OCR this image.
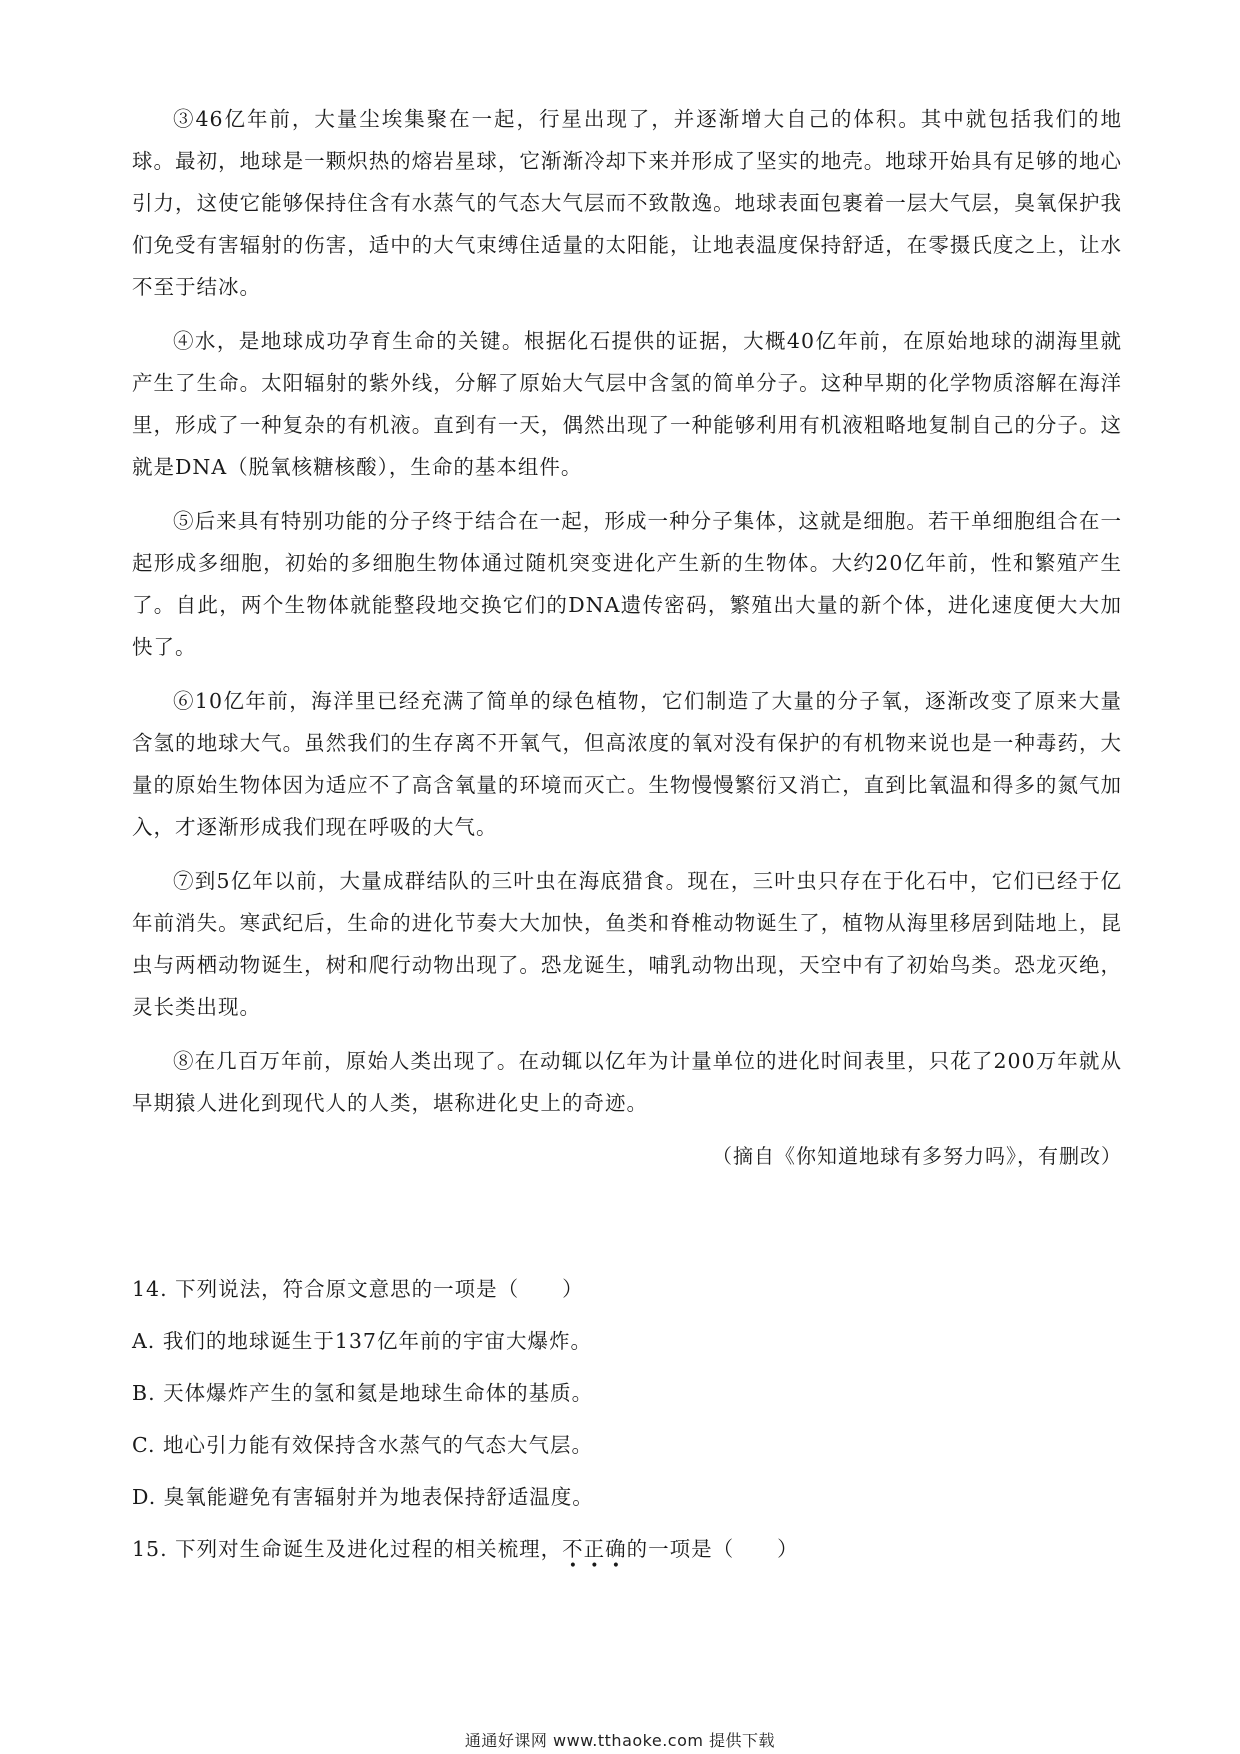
③46亿年前，大量尘埃集聚在一起，行星出现了，并逐渐增大自己的体积。其中就包括我们的地球。最初，地球是一颗炽热的熔岩星球，它渐渐冷却下来并形成了坚实的地壳。地球开始具有足够的地心引力，这使它能够保持住含有水蒸气的气态大气层而不致散逸。地球表面包裹着一层大气层，臭氧保护我们免受有害辐射的伤害，适中的大气束缚住适量的太阳能，让地表温度保持舒适，在零摄氏度之上，让水不至于结冰。

④水，是地球成功孕育生命的关键。根据化石提供的证据，大概40亿年前，在原始地球的湖海里就产生了生命。太阳辐射的紫外线，分解了原始大气层中含氢的简单分子。这种早期的化学物质溶解在海洋里，形成了一种复杂的有机液。直到有一天，偶然出现了一种能够利用有机液粗略地复制自己的分子。这就是DNA（脱氧核糖核酸），生命的基本组件。

⑤后来具有特别功能的分子终于结合在一起，形成一种分子集体，这就是细胞。若干单细胞组合在一起形成多细胞，初始的多细胞生物体通过随机突变进化产生新的生物体。大约20亿年前，性和繁殖产生了。自此，两个生物体就能整段地交换它们的DNA遗传密码，繁殖出大量的新个体，进化速度便大大加快了。

⑥10亿年前，海洋里已经充满了简单的绿色植物，它们制造了大量的分子氧，逐渐改变了原来大量含氢的地球大气。虽然我们的生存离不开氧气，但高浓度的氧对没有保护的有机物来说也是一种毒药，大量的原始生物体因为适应不了高含氧量的环境而灭亡。生物慢慢繁衍又消亡，直到比氧温和得多的氮气加入，才逐渐形成我们现在呼吸的大气。

⑦到5亿年以前，大量成群结队的三叶虫在海底猎食。现在，三叶虫只存在于化石中，它们已经于亿年前消失。寒武纪后，生命的进化节奏大大加快，鱼类和脊椎动物诞生了，植物从海里移居到陆地上，昆虫与两栖动物诞生，树和爬行动物出现了。恐龙诞生，哺乳动物出现，天空中有了初始鸟类。恐龙灭绝，灵长类出现。

⑧在几百万年前，原始人类出现了。在动辄以亿年为计量单位的进化时间表里，只花了200万年就从早期猿人进化到现代人的人类，堪称进化史上的奇迹。

（摘自《你知道地球有多努力吗》，有删改）

14. 下列说法，符合原文意思的一项是（　　）

A. 我们的地球诞生于137亿年前的宇宙大爆炸。

B. 天体爆炸产生的氢和氦是地球生命体的基质。

C. 地心引力能有效保持含水蒸气的气态大气层。

D. 臭氧能避免有害辐射并为地表保持舒适温度。

15. 下列对生命诞生及进化过程的相关梳理，不正确
• • •
的一项是（　　）

通通好课网 www.tthaoke.com 提供下载
